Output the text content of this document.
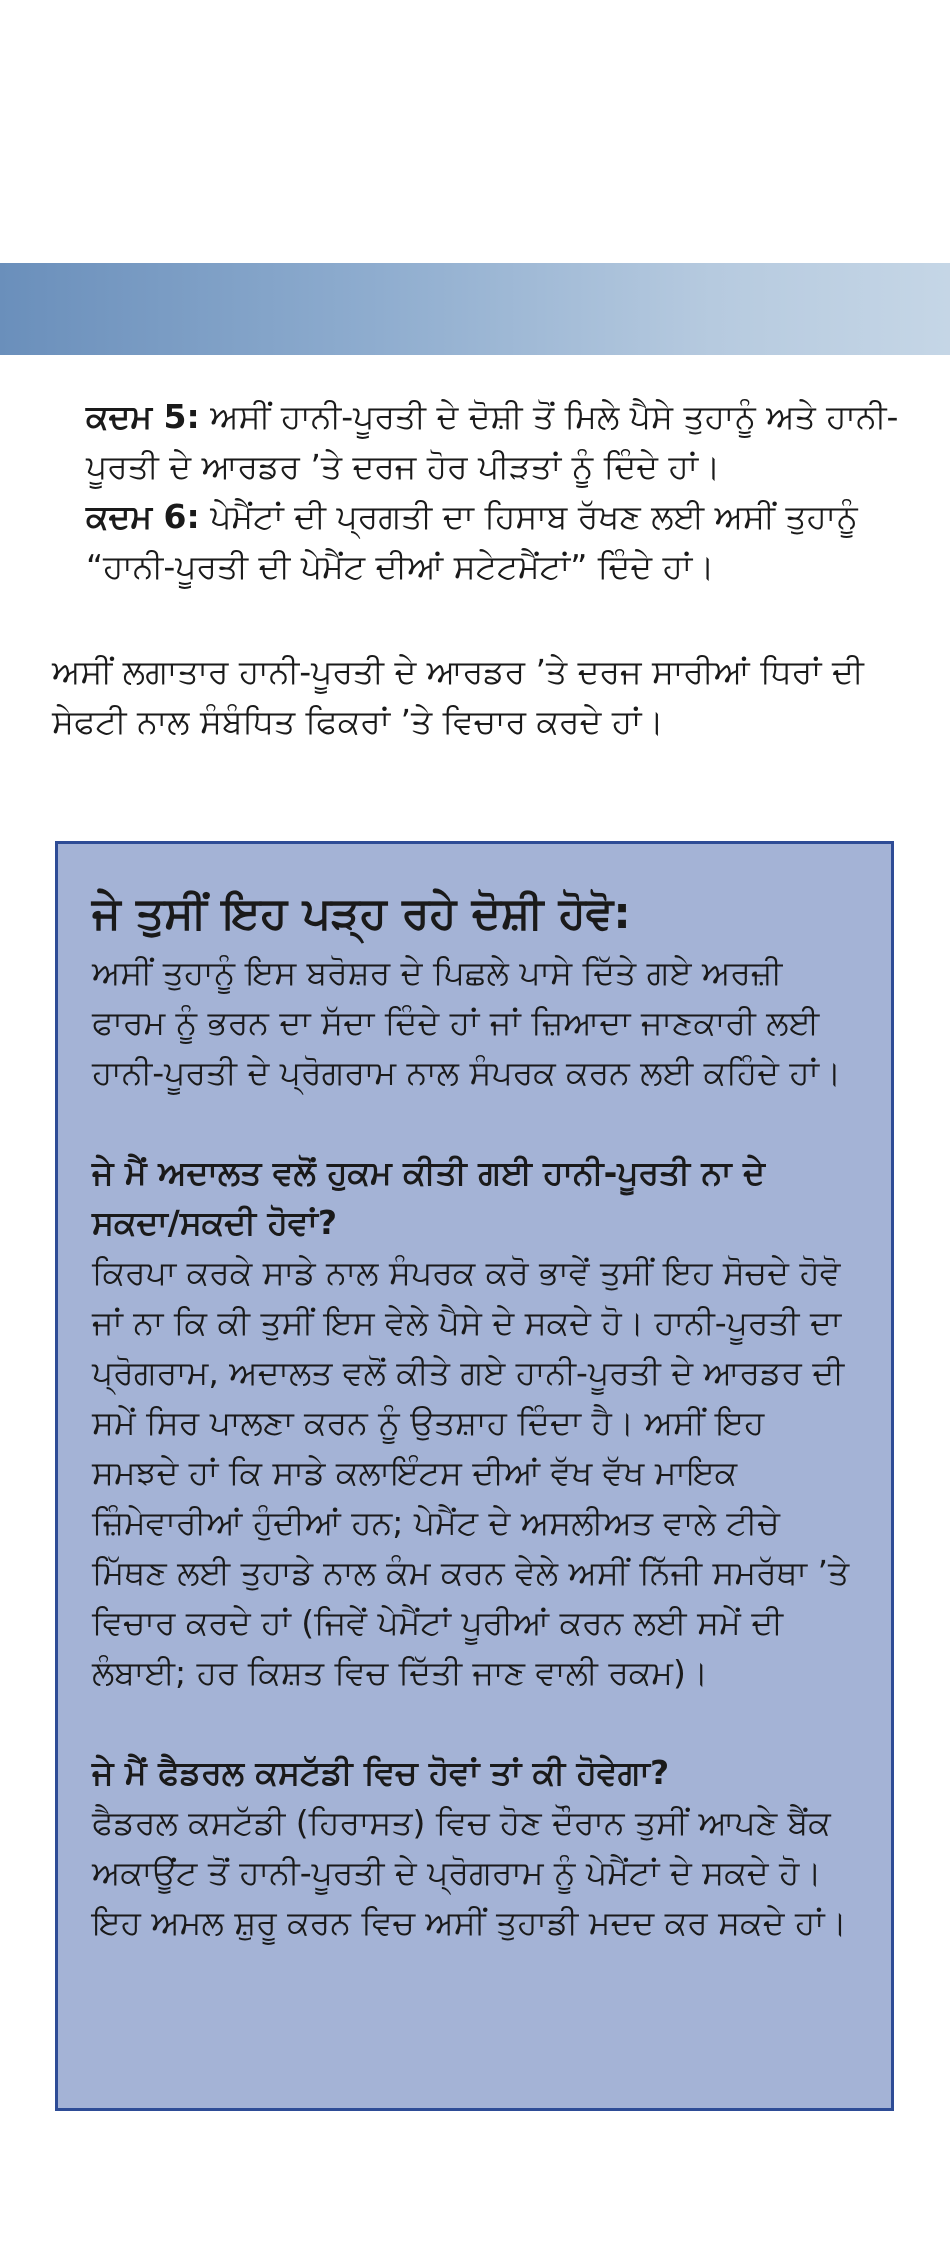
ਕਦਮ 5: ਅਸੀਂ ਹਾਨੀ-ਪੂਰਤੀ ਦੇ ਦੋਸ਼ੀ ਤੋਂ ਮਿਲੇ ਪੈਸੇ ਤੁਹਾਨੂੰ ਅਤੇ ਹਾਨੀ-ਪੂਰਤੀ ਦੇ ਆਰਡਰ ’ਤੇ ਦਰਜ ਹੋਰ ਪੀੜਤਾਂ ਨੂੰ ਦਿੰਦੇ ਹਾਂ।

ਕਦਮ 6: ਪੇਮੈਂਟਾਂ ਦੀ ਪ੍ਰਗਤੀ ਦਾ ਹਿਸਾਬ ਰੱਖਣ ਲਈ ਅਸੀਂ ਤੁਹਾਨੂੰ “ਹਾਨੀ-ਪੂਰਤੀ ਦੀ ਪੇਮੈਂਟ ਦੀਆਂ ਸਟੇਟਮੈਂਟਾਂ” ਦਿੰਦੇ ਹਾਂ।

ਅਸੀਂ ਲਗਾਤਾਰ ਹਾਨੀ-ਪੂਰਤੀ ਦੇ ਆਰਡਰ ’ਤੇ ਦਰਜ ਸਾਰੀਆਂ ਧਿਰਾਂ ਦੀ ਸੇਫਟੀ ਨਾਲ ਸੰਬੰਧਿਤ ਫਿਕਰਾਂ ’ਤੇ ਵਿਚਾਰ ਕਰਦੇ ਹਾਂ।

ਜੇ ਤੁਸੀਂ ਇਹ ਪੜ੍ਹ ਰਹੇ ਦੋਸ਼ੀ ਹੋਵੋ:

ਅਸੀਂ ਤੁਹਾਨੂੰ ਇਸ ਬਰੋਸ਼ਰ ਦੇ ਪਿਛਲੇ ਪਾਸੇ ਦਿੱਤੇ ਗਏ ਅਰਜ਼ੀ ਫਾਰਮ ਨੂੰ ਭਰਨ ਦਾ ਸੱਦਾ ਦਿੰਦੇ ਹਾਂ ਜਾਂ ਜ਼ਿਆਦਾ ਜਾਣਕਾਰੀ ਲਈ ਹਾਨੀ-ਪੂਰਤੀ ਦੇ ਪ੍ਰੋਗਰਾਮ ਨਾਲ ਸੰਪਰਕ ਕਰਨ ਲਈ ਕਹਿੰਦੇ ਹਾਂ।

ਜੇ ਮੈਂ ਅਦਾਲਤ ਵਲੋਂ ਹੁਕਮ ਕੀਤੀ ਗਈ ਹਾਨੀ-ਪੂਰਤੀ ਨਾ ਦੇ ਸਕਦਾ/ਸਕਦੀ ਹੋਵਾਂ?

ਕਿਰਪਾ ਕਰਕੇ ਸਾਡੇ ਨਾਲ ਸੰਪਰਕ ਕਰੋ ਭਾਵੇਂ ਤੁਸੀਂ ਇਹ ਸੋਚਦੇ ਹੋਵੋ ਜਾਂ ਨਾ ਕਿ ਕੀ ਤੁਸੀਂ ਇਸ ਵੇਲੇ ਪੈਸੇ ਦੇ ਸਕਦੇ ਹੋ। ਹਾਨੀ-ਪੂਰਤੀ ਦਾ ਪ੍ਰੋਗਰਾਮ, ਅਦਾਲਤ ਵਲੋਂ ਕੀਤੇ ਗਏ ਹਾਨੀ-ਪੂਰਤੀ ਦੇ ਆਰਡਰ ਦੀ ਸਮੇਂ ਸਿਰ ਪਾਲਣਾ ਕਰਨ ਨੂੰ ਉਤਸ਼ਾਹ ਦਿੰਦਾ ਹੈ। ਅਸੀਂ ਇਹ ਸਮਝਦੇ ਹਾਂ ਕਿ ਸਾਡੇ ਕਲਾਇੰਟਸ ਦੀਆਂ ਵੱਖ ਵੱਖ ਮਾਇਕ ਜ਼ਿੰਮੇਵਾਰੀਆਂ ਹੁੰਦੀਆਂ ਹਨ; ਪੇਮੈਂਟ ਦੇ ਅਸਲੀਅਤ ਵਾਲੇ ਟੀਚੇ ਮਿੱਥਣ ਲਈ ਤੁਹਾਡੇ ਨਾਲ ਕੰਮ ਕਰਨ ਵੇਲੇ ਅਸੀਂ ਨਿੱਜੀ ਸਮਰੱਥਾ ’ਤੇ ਵਿਚਾਰ ਕਰਦੇ ਹਾਂ (ਜਿਵੇਂ ਪੇਮੈਂਟਾਂ ਪੂਰੀਆਂ ਕਰਨ ਲਈ ਸਮੇਂ ਦੀ ਲੰਬਾਈ; ਹਰ ਕਿਸ਼ਤ ਵਿਚ ਦਿੱਤੀ ਜਾਣ ਵਾਲੀ ਰਕਮ)।

ਜੇ ਮੈਂ ਫੈਡਰਲ ਕਸਟੱਡੀ ਵਿਚ ਹੋਵਾਂ ਤਾਂ ਕੀ ਹੋਵੇਗਾ?

ਫੈਡਰਲ ਕਸਟੱਡੀ (ਹਿਰਾਸਤ) ਵਿਚ ਹੋਣ ਦੌਰਾਨ ਤੁਸੀਂ ਆਪਣੇ ਬੈਂਕ ਅਕਾਊਂਟ ਤੋਂ ਹਾਨੀ-ਪੂਰਤੀ ਦੇ ਪ੍ਰੋਗਰਾਮ ਨੂੰ ਪੇਮੈਂਟਾਂ ਦੇ ਸਕਦੇ ਹੋ। ਇਹ ਅਮਲ ਸ਼ੁਰੂ ਕਰਨ ਵਿਚ ਅਸੀਂ ਤੁਹਾਡੀ ਮਦਦ ਕਰ ਸਕਦੇ ਹਾਂ।
